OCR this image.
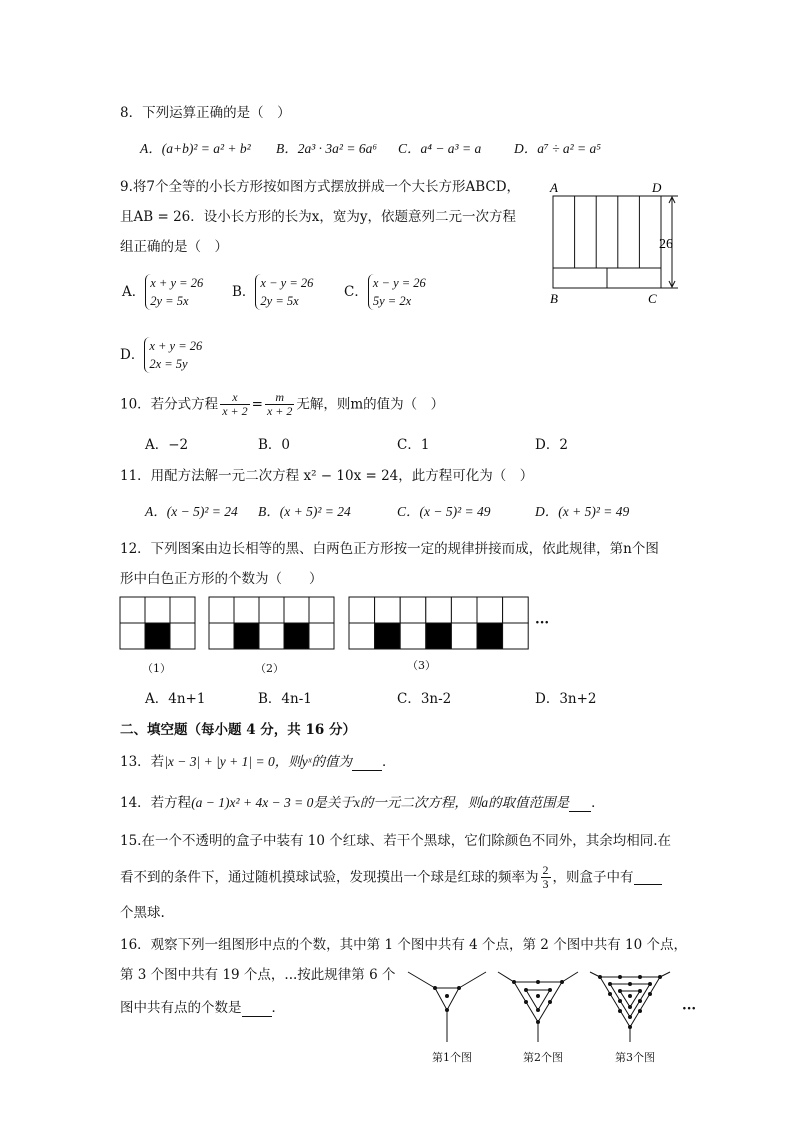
8．下列运算正确的是（　）
A．(a+b)² = a² + b² B．2a³ · 3a² = 6a⁶ C．a⁴ − a³ = a D．a⁷ ÷ a² = a⁵
9.将7个全等的小长方形按如图方式摆放拼成一个大长方形ABCD，
且AB = 26．设小长方形的长为x，宽为y，依题意列二元一次方程
组正确的是（　）
A．x + y = 26
2y = 5x
B．x − y = 26
2y = 5x
C．x − y = 26
5y = 2x
D．x + y = 26
2x = 5y
A	D
B	C
26
10．若分式方程 $\frac{x}{x + 2} = \frac{m}{x + 2}$ 无解，则m的值为（　）
A．−2	B．0	C．1	D．2
11．用配方法解一元二次方程 x² − 10x = 24，此方程可化为（　）
A．(x − 5)² = 24 B．(x + 5)² = 24	C．(x − 5)² = 49	D．(x + 5)² = 49
12．下列图案由边长相等的黑、白两色正方形按一定的规律拼接而成，依此规律，第n个图
形中白色正方形的个数为（　　）
···
（1）	（2）	（3）
A．4n+1	B．4n-1	C．3n-2	D．3n+2
二、填空题（每小题 4 分，共 16 分）
13．若|x − 3| + |y + 1| = 0，则yˣ的值为 ．
14．若方程(a − 1)x² + 4x − 3 = 0是关于x的一元二次方程，则a的取值范围是 ．
15.在一个不透明的盒子中装有 10 个红球、若干个黑球，它们除颜色不同外，其余均相同.在
看不到的条件下，通过随机摸球试验，发现摸出一个球是红球的频率为 $\frac{2}{3}$ ，则盒子中有
个黑球.
16．观察下列一组图形中点的个数，其中第 1 个图中共有 4 个点，第 2 个图中共有 10 个点，
第 3 个图中共有 19 个点，...按此规律第 6 个
图中共有点的个数是 ．	···
第1个图	第2个图	第3个图
